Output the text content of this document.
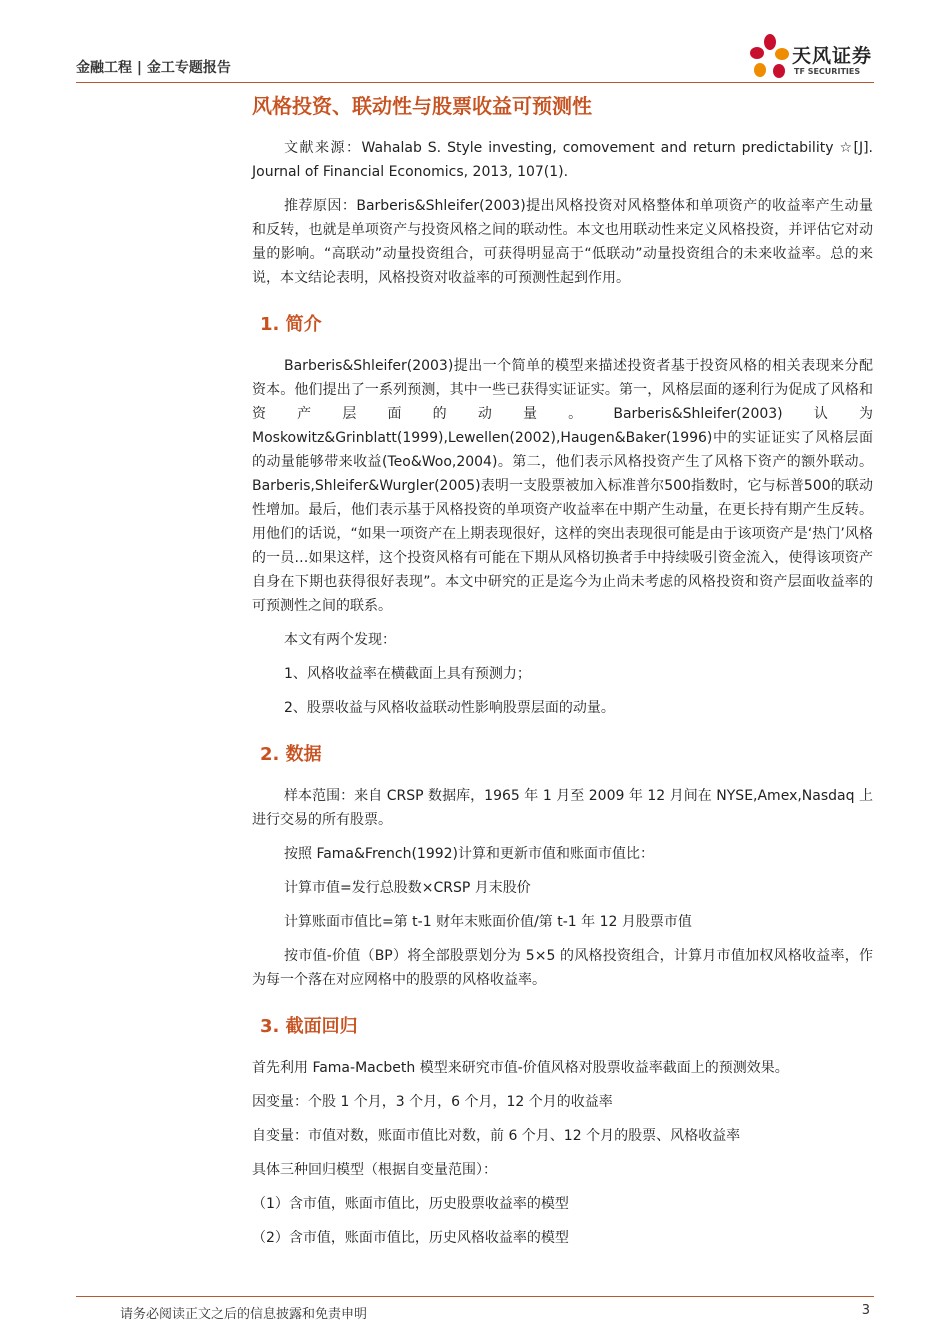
金融工程 | 金工专题报告
天风证券
TF SECURITIES
风格投资、联动性与股票收益可预测性

文献来源：Wahalab S. Style investing, comovement and return predictability ☆[J]. Journal of Financial Economics, 2013, 107(1).

推荐原因：Barberis&Shleifer(2003)提出风格投资对风格整体和单项资产的收益率产生动量和反转，也就是单项资产与投资风格之间的联动性。本文也用联动性来定义风格投资，并评估它对动量的影响。“高联动”动量投资组合，可获得明显高于“低联动”动量投资组合的未来收益率。总的来说，本文结论表明，风格投资对收益率的可预测性起到作用。

1. 简介

Barberis&Shleifer(2003)提出一个简单的模型来描述投资者基于投资风格的相关表现来分配资本。他们提出了一系列预测，其中一些已获得实证证实。第一，风格层面的逐利行为促成了风格和资产层面的动量。Barberis&Shleifer(2003)认为Moskowitz&Grinblatt(1999),Lewellen(2002),Haugen&Baker(1996)中的实证证实了风格层面的动量能够带来收益(Teo&Woo,2004)。第二，他们表示风格投资产生了风格下资产的额外联动。Barberis,Shleifer&Wurgler(2005)表明一支股票被加入标准普尔500指数时，它与标普500的联动性增加。最后，他们表示基于风格投资的单项资产收益率在中期产生动量，在更长持有期产生反转。用他们的话说，“如果一项资产在上期表现很好，这样的突出表现很可能是由于该项资产是‘热门’风格的一员…如果这样，这个投资风格有可能在下期从风格切换者手中持续吸引资金流入，使得该项资产自身在下期也获得很好表现”。本文中研究的正是迄今为止尚未考虑的风格投资和资产层面收益率的可预测性之间的联系。

本文有两个发现：

1、风格收益率在横截面上具有预测力；

2、股票收益与风格收益联动性影响股票层面的动量。

2. 数据

样本范围：来自 CRSP 数据库，1965 年 1 月至 2009 年 12 月间在 NYSE,Amex,Nasdaq 上进行交易的所有股票。

按照 Fama&French(1992)计算和更新市值和账面市值比：

计算市值=发行总股数×CRSP 月末股价

计算账面市值比=第 t-1 财年末账面价值/第 t-1 年 12 月股票市值

按市值-价值（BP）将全部股票划分为 5×5 的风格投资组合，计算月市值加权风格收益率，作为每一个落在对应网格中的股票的风格收益率。

3. 截面回归

首先利用 Fama-Macbeth 模型来研究市值-价值风格对股票收益率截面上的预测效果。

因变量：个股 1 个月，3 个月，6 个月，12 个月的收益率

自变量：市值对数，账面市值比对数，前 6 个月、12 个月的股票、风格收益率

具体三种回归模型（根据自变量范围）：

（1）含市值，账面市值比，历史股票收益率的模型

（2）含市值，账面市值比，历史风格收益率的模型

请务必阅读正文之后的信息披露和免责申明	3
